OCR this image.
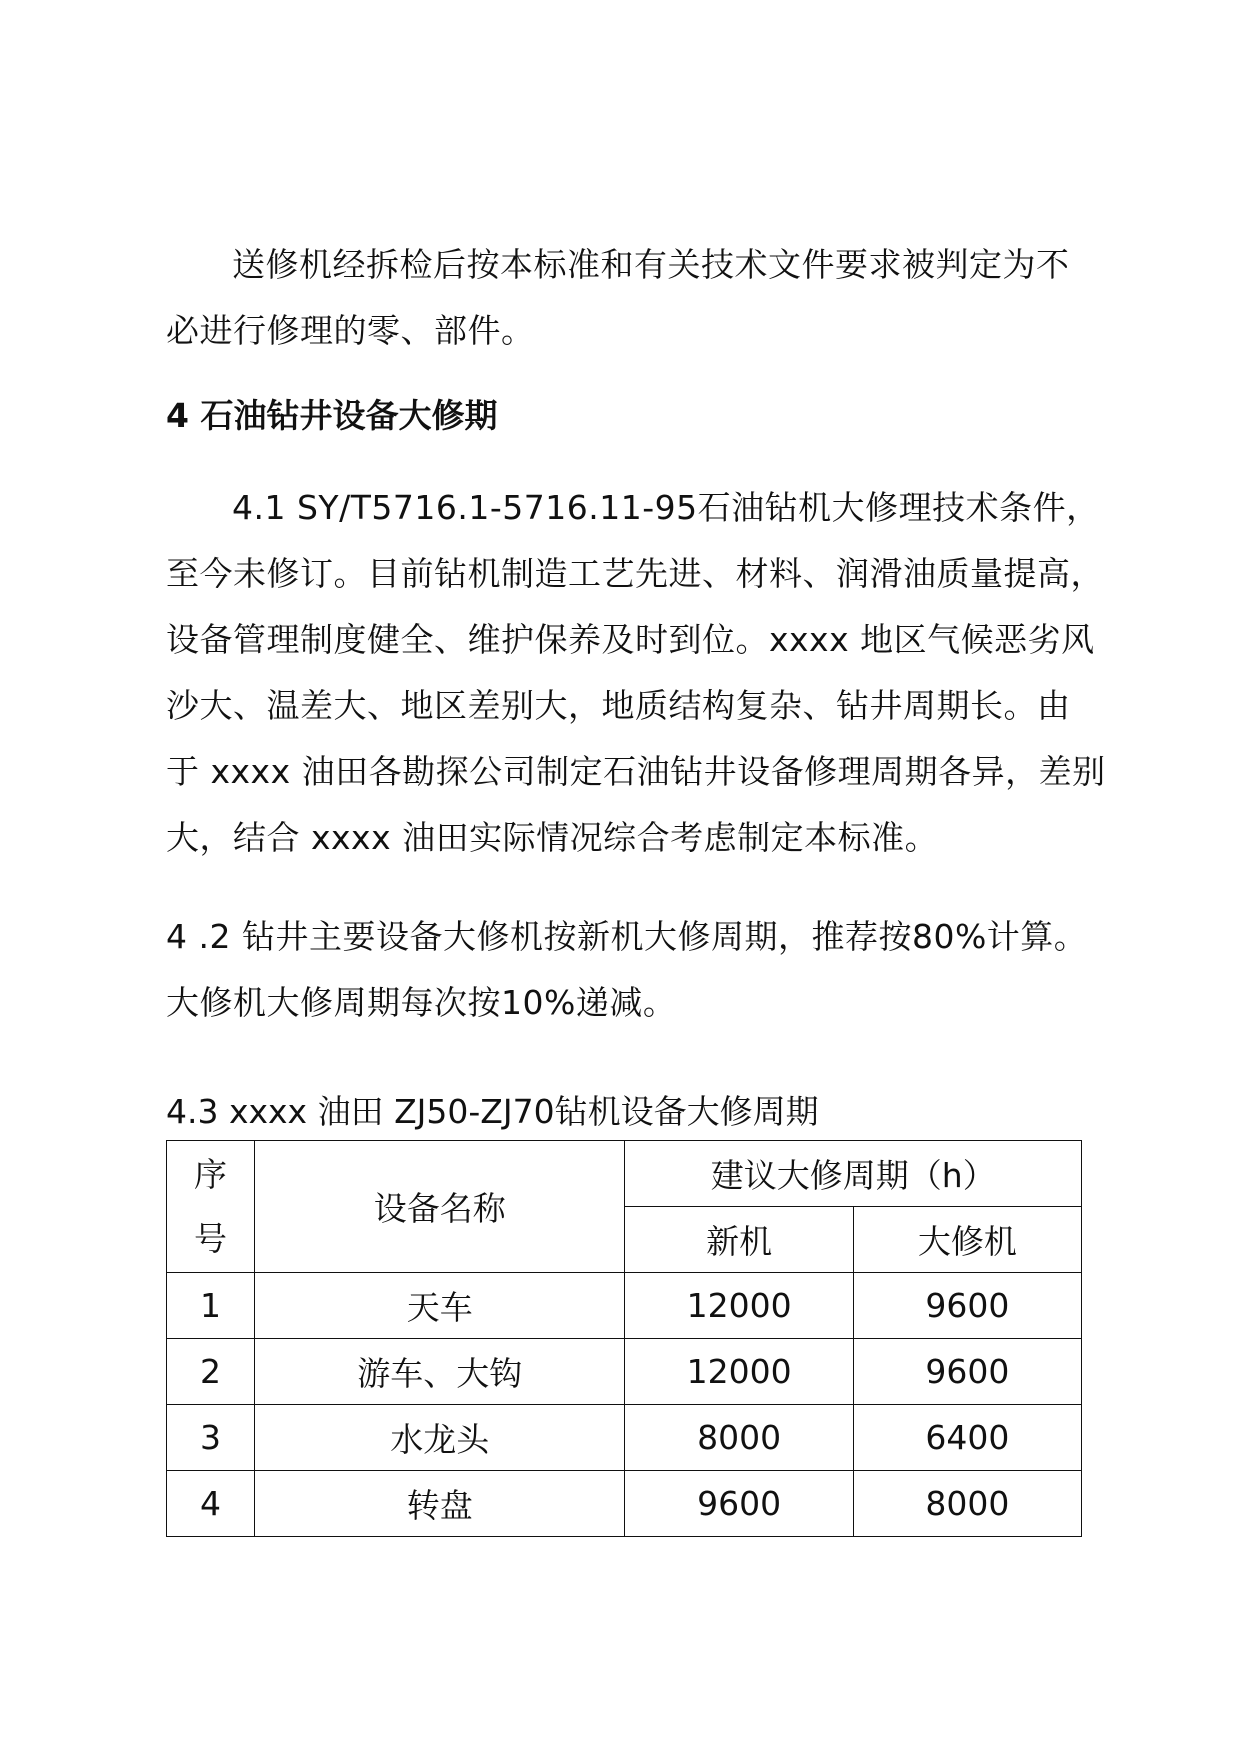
送修机经拆检后按本标准和有关技术文件要求被判定为不
必进行修理的零、部件。

4 石油钻井设备大修期

4.1 SY/T5716.1-5716.11-95石油钻机大修理技术条件，
至今未修订。目前钻机制造工艺先进、材料、润滑油质量提高，
设备管理制度健全、维护保养及时到位。xxxx 地区气候恶劣风
沙大、温差大、地区差别大，地质结构复杂、钻井周期长。由
于 xxxx 油田各勘探公司制定石油钻井设备修理周期各异，差别
大，结合 xxxx 油田实际情况综合考虑制定本标准。

4 .2 钻井主要设备大修机按新机大修周期，推荐按80%计算。
大修机大修周期每次按10%递减。

4.3 xxxx 油田 ZJ50-ZJ70钻机设备大修周期

序
号	设备名称	建议大修周期（h）	
		新机	大修机
1	天车	12000	9600
2	游车、大钩	12000	9600
3	水龙头	8000	6400
4	转盘	9600	8000
